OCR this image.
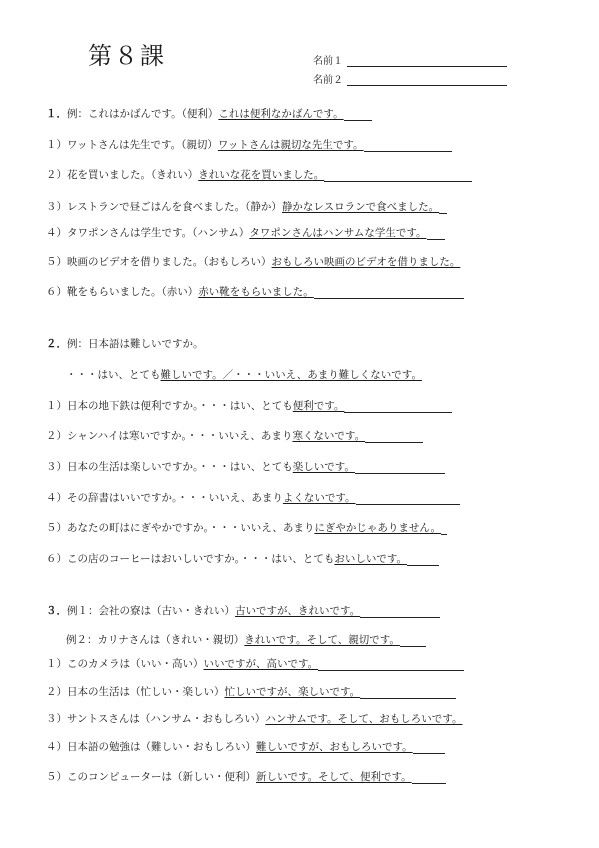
第８課	名前１
名前２
１．例：これはかばんです。（便利）これは便利なかばんです。
１）ワットさんは先生です。（親切）ワットさんは親切な先生です。
２）花を買いました。（きれい）きれいな花を買いました。
３）レストランで昼ごはんを食べました。（静か）静かなレスロランで食べました。
４）タワポンさんは学生です。（ハンサム）タワポンさんはハンサムな学生です。
５）映画のビデオを借りました。（おもしろい）おもしろい映画のビデオを借りました。
６）靴をもらいました。（赤い）赤い靴をもらいました。
２．例：日本語は難しいですか。
・・・はい、とても難しいです。／・・・いいえ、あまり難しくないです。
１）日本の地下鉄は便利ですか。・・・はい、とても便利です。
２）シャンハイは寒いですか。・・・いいえ、あまり寒くないです。
３）日本の生活は楽しいですか。・・・はい、とても楽しいです。
４）その辞書はいいですか。・・・いいえ、あまりよくないです。
５）あなたの町はにぎやかですか。・・・いいえ、あまりにぎやかじゃありません。
６）この店のコーヒーはおいしいですか。・・・はい、とてもおいしいです。
３．例１：会社の寮は（古い・きれい）古いですが、きれいです。
例２：カリナさんは（きれい・親切）きれいです。そして、親切です。
１）このカメラは（いい・高い）いいですが、高いです。
２）日本の生活は（忙しい・楽しい）忙しいですが、楽しいです。
３）サントスさんは（ハンサム・おもしろい）ハンサムです。そして、おもしろいです。
４）日本語の勉強は（難しい・おもしろい）難しいですが、おもしろいです。
５）このコンピューターは（新しい・便利）新しいです。そして、便利です。
